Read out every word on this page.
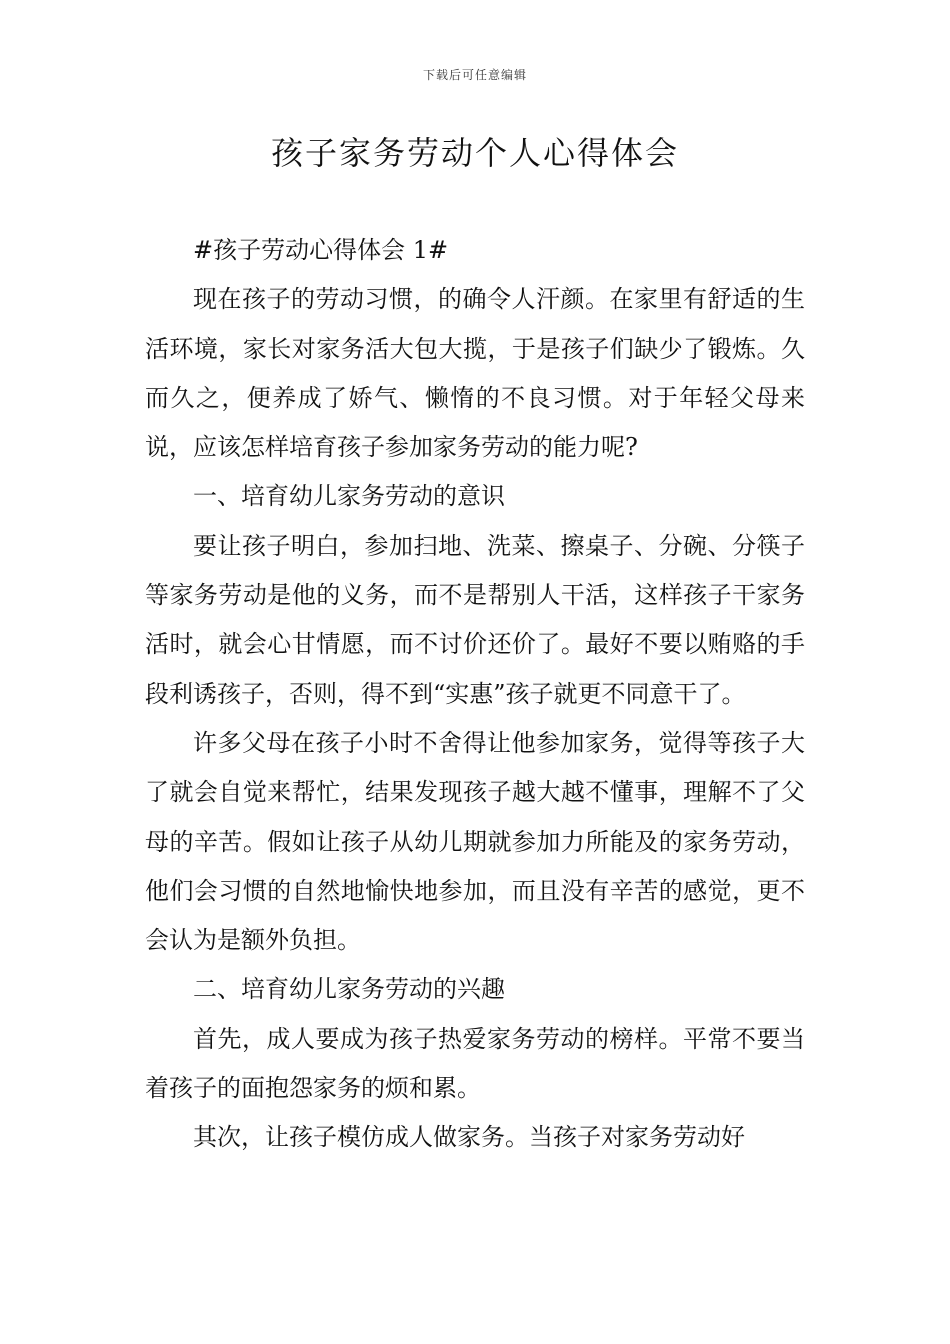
下载后可任意编辑
孩子家务劳动个人心得体会

#孩子劳动心得体会 1#

现在孩子的劳动习惯，的确令人汗颜。在家里有舒适的生活环境，家长对家务活大包大揽，于是孩子们缺少了锻炼。久而久之，便养成了娇气、懒惰的不良习惯。对于年轻父母来说，应该怎样培育孩子参加家务劳动的能力呢?

一、培育幼儿家务劳动的意识

要让孩子明白，参加扫地、洗菜、擦桌子、分碗、分筷子等家务劳动是他的义务，而不是帮别人干活，这样孩子干家务活时，就会心甘情愿，而不讨价还价了。最好不要以贿赂的手段利诱孩子，否则，得不到“实惠”孩子就更不同意干了。

许多父母在孩子小时不舍得让他参加家务，觉得等孩子大了就会自觉来帮忙，结果发现孩子越大越不懂事，理解不了父母的辛苦。假如让孩子从幼儿期就参加力所能及的家务劳动，他们会习惯的自然地愉快地参加，而且没有辛苦的感觉，更不会认为是额外负担。

二、培育幼儿家务劳动的兴趣

首先，成人要成为孩子热爱家务劳动的榜样。平常不要当着孩子的面抱怨家务的烦和累。

其次，让孩子模仿成人做家务。当孩子对家务劳动好
